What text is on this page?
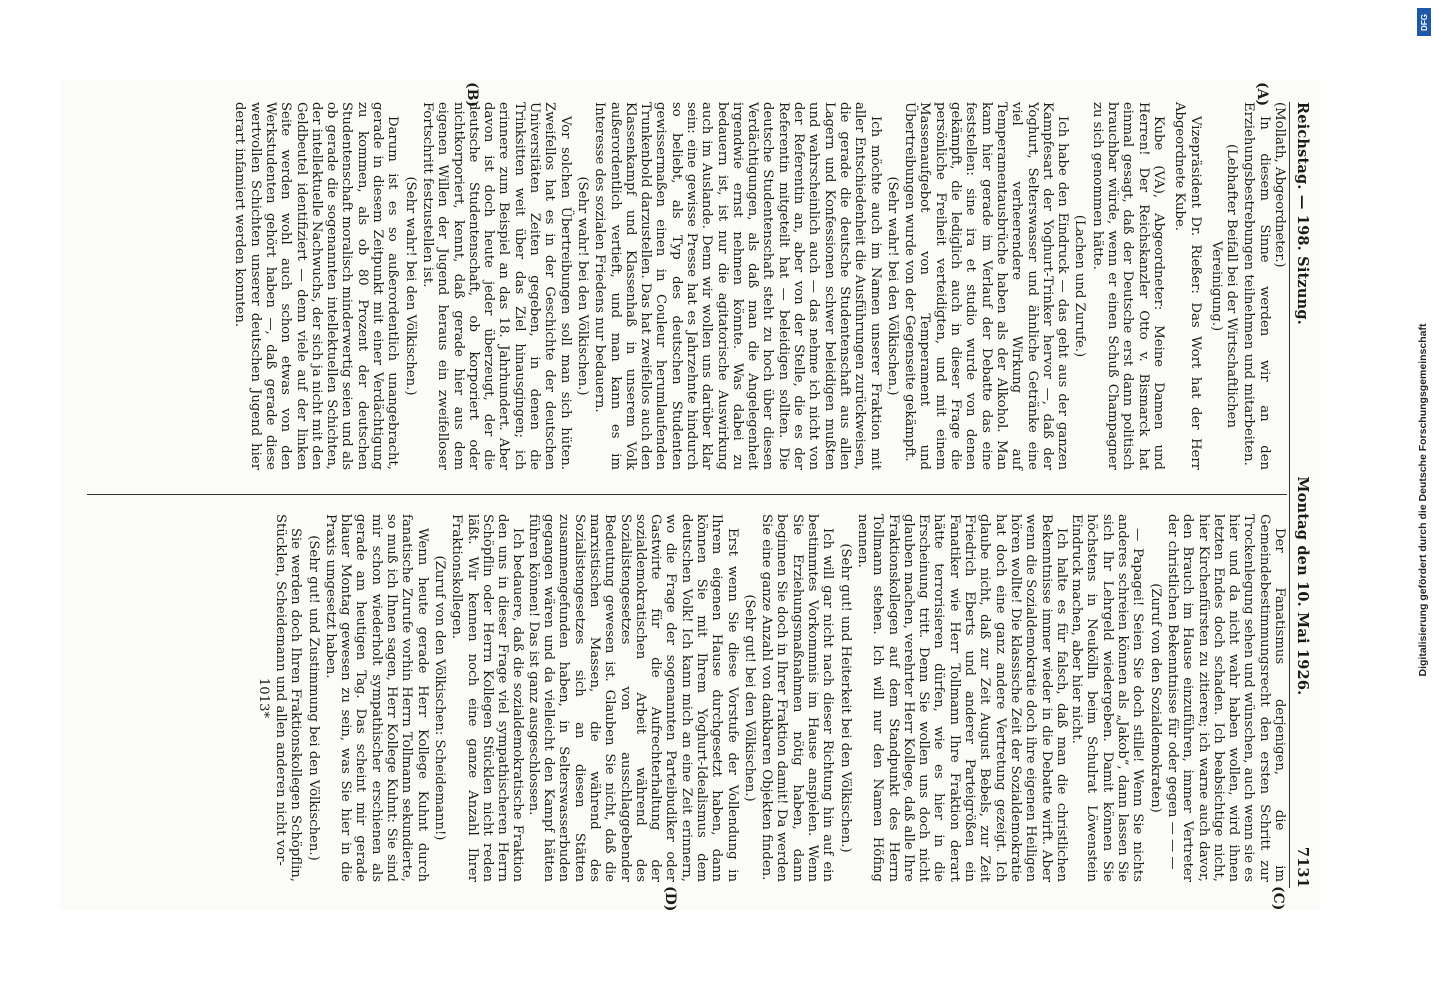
Reichstag. — 198. Sitzung.
Montag den 10. Mai 1926.
7131
(A)
(B)
(C)
(D)

(Mollath, Abgeordneter.)

In diesem Sinne werden wir an den Erziehungsbestrebungen teilnehmen und mitarbeiten.

(Lebhafter Beifall bei der Wirtschaftlichen Vereinigung.)

Vizepräsident Dr. Rießer: Das Wort hat der Herr Abgeordnete Kube.

Kube (VA), Abgeordneter: Meine Damen und Herren! Der Reichskanzler Otto v. Bismarck hat einmal gesagt, daß der Deutsche erst dann politisch brauchbar würde, wenn er einen Schuß Champagner zu sich genommen hätte.

(Lachen und Zurufe.)

Ich habe den Eindruck — das geht aus der ganzen Kampfesart der Yoghurt-Trinker hervor —, daß der Yoghurt, Selterswasser und ähnliche Getränke eine viel verheerendere Wirkung auf Temperamentausbrüche haben als der Alkohol. Man kann hier gerade im Verlauf der Debatte das eine feststellen: sine ira et studio wurde von denen gekämpft, die lediglich auch in dieser Frage die persönliche Freiheit verteidigten, und mit einem Massenaufgebot von Temperament und Übertreibungen wurde von der Gegenseite gekämpft.

(Sehr wahr! bei den Völkischen.)

Ich möchte auch im Namen unserer Fraktion mit aller Entschiedenheit die Ausführungen zurückweisen, die gerade die deutsche Studentenschaft aus allen Lagern und Konfessionen schwer beleidigen mußten und wahrscheinlich auch — das nehme ich nicht von der Referentin an, aber von der Stelle, die es der Referentin mitgeteilt hat — beleidigen sollten. Die deutsche Studentenschaft steht zu hoch über diesen Verdächtigungen, als daß man die Angelegenheit irgendwie ernst nehmen könnte. Was dabei zu bedauern ist, ist nur die agitatorische Auswirkung auch im Auslande. Denn wir wollen uns darüber klar sein: eine gewisse Presse hat es Jahrzehnte hindurch so beliebt, als Typ des deutschen Studenten gewissermaßen einen in Couleur herumlaufenden Trunkenbold darzustellen. Das hat zweifellos auch den Klassenkampf und Klassenhaß in unserem Volk außerordentlich vertieft, und man kann es im Interesse des sozialen Friedens nur bedauern.

(Sehr wahr! bei den Völkischen.)

Vor solchen Übertreibungen soll man sich hüten. Zweifellos hat es in der Geschichte der deutschen Universitäten Zeiten gegeben, in denen die Trinksitten weit über das Ziel hinausgingen; ich erinnere zum Beispiel an das 18. Jahrhundert. Aber davon ist doch heute jeder überzeugt, der die deutsche Studentenschaft, ob korporiert oder nichtkorporiert, kennt, daß gerade hier aus dem eigenen Willen der Jugend heraus ein zweifelloser Fortschritt festzustellen ist.

(Sehr wahr! bei den Völkischen.)

Darum ist es so außerordentlich unangebracht, gerade in diesem Zeitpunkt mit einer Verdächtigung zu kommen, als ob 80 Prozent der deutschen Studentenschaft moralisch minderwertig seien und als ob gerade die sogenannten intellektuellen Schichten, der intellektuelle Nachwuchs, der sich ja nicht mit den Geldbeutel identifiziert — denn viele auf der linken Seite werden wohl auch schon etwas von den Werkstudenten gehört haben —, daß gerade diese wertvollen Schichten unserer deutschen Jugend hier derart infamiert werden konnten.

Der Fanatismus derjenigen, die im Gemeindebestimmungsrecht den ersten Schritt zur Trockenlegung sehen und wünschen, auch wenn sie es hier und da nicht wahr haben wollen, wird ihnen letzten Endes doch schaden. Ich beabsichtige nicht, hier Kirchenfürsten zu zitieren; ich warne auch davor, den Brauch im Hause einzuführen, immer Vertreter der christlichen Bekenntnisse für oder gegen — — —

(Zuruf von den Sozialdemokraten)

— Papagei! Seien Sie doch stille! Wenn Sie nichts anderes schreien können als „Jakob“, dann lassen Sie sich Ihr Lehrgeld wiedergeben. Damit können Sie höchstens in Neukölln beim Schulrat Löwenstein Eindruck machen, aber hier nicht.

Ich halte es für falsch, daß man die christlichen Bekenntnisse immer wieder in die Debatte wirft. Aber wenn die Sozialdemokratie doch ihre eigenen Heiligen hören wollte! Die klassische Zeit der Sozialdemokratie hat doch eine ganz andere Vertretung gezeigt. Ich glaube nicht, daß zur Zeit August Bebels, zur Zeit Friedrich Eberts und anderer Parteigrößen ein Fanatiker wie Herr Tollmann Ihre Fraktion derart hätte terrorisieren dürfen, wie es hier in die Erscheinung tritt. Denn Sie wollen uns doch nicht glauben machen, verehrter Herr Kollege, daß alle Ihre Fraktionskollegen auf dem Standpunkt des Herrn Tollmann stehen. Ich will nur den Namen Höfing nennen.

(Sehr gut! und Heiterkeit bei den Völkischen.)

Ich will gar nicht nach dieser Richtung hin auf ein bestimmtes Vorkommnis im Hause anspielen. Wenn Sie Erziehungsmaßnahmen nötig haben, dann beginnen Sie doch in Ihrer Fraktion damit! Da werden Sie eine ganze Anzahl von dankbaren Objekten finden.

(Sehr gut! bei den Völkischen.)

Erst wenn Sie diese Vorstufe der Vollendung in Ihrem eigenen Hause durchgesetzt haben, dann können Sie mit Ihrem Yoghurt-Idealismus dem deutschen Volk! Ich kann mich an eine Zeit erinnern, wo die Frage der sogenannten Parteibudiker oder Gastwirte für die Aufrechterhaltung der sozialdemokratischen Arbeit während des Sozialistengesetzes von ausschlaggebender Bedeutung gewesen ist. Glauben Sie nicht, daß die marxistischen Massen, die während des Sozialistengesetzes sich an diesen Stätten zusammengefunden haben, in Selterswasserbuden gegangen wären und da vielleicht den Kampf hätten führen können! Das ist ganz ausgeschlossen.

Ich bedauere, daß die sozialdemokratische Fraktion den uns in dieser Frage viel sympathischeren Herrn Schöpflin oder Herrn Kollegen Stücklen nicht reden läßt. Wir kennen noch eine ganze Anzahl Ihrer Fraktionskollegen.

(Zuruf von den Völkischen: Scheidemann!)

Wenn heute gerade Herr Kollege Kuhnt durch fanatische Zurufe vorhin Herrn Tollmann sekundierte, so muß ich Ihnen sagen, Herr Kollege Kuhnt: Sie sind mir schon wiederholt sympathischer erschienen als gerade am heutigen Tag. Das scheint mir gerade blauer Montag gewesen zu sein, was Sie hier in die Praxis umgesetzt haben.

(Sehr gut! und Zustimmung bei den Völkischen.)

Sie werden doch Ihren Fraktionskollegen Schöpflin, Stücklen, Scheidemann und allen anderen nicht vor-

1013*

DFG
Digitalisierung gefördert durch die Deutsche Forschungsgemeinschaft
